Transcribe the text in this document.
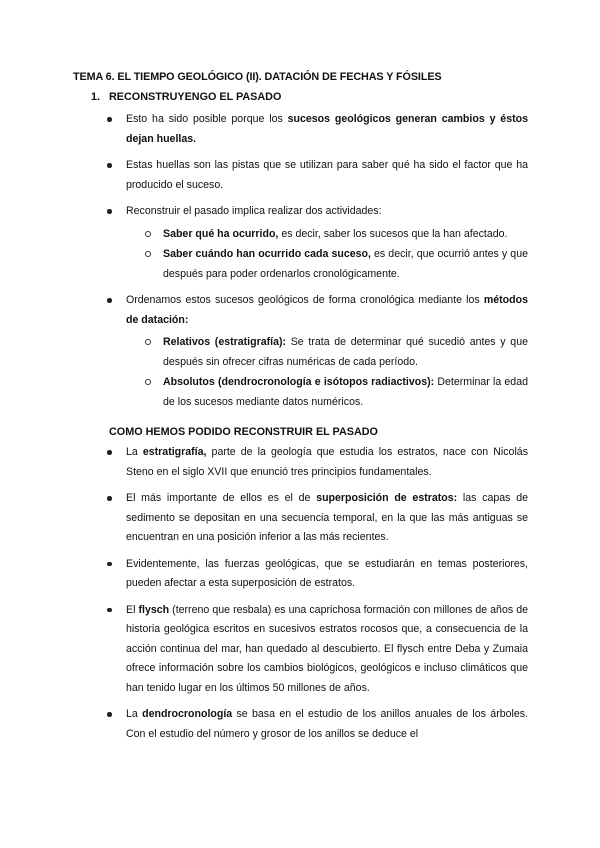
TEMA 6. EL TIEMPO GEOLÓGICO (II). DATACIÓN DE FECHAS Y FÓSILES
1. RECONSTRUYENGO EL PASADO
Esto ha sido posible porque los sucesos geológicos generan cambios y éstos dejan huellas.
Estas huellas son las pistas que se utilizan para saber qué ha sido el factor que ha producido el suceso.
Reconstruir el pasado implica realizar dos actividades:
Saber qué ha ocurrido, es decir, saber los sucesos que la han afectado.
Saber cuándo han ocurrido cada suceso, es decir, que ocurrió antes y que después para poder ordenarlos cronológicamente.
Ordenamos estos sucesos geológicos de forma cronológica mediante los métodos de datación:
Relativos (estratigrafía): Se trata de determinar qué sucedió antes y que después sin ofrecer cifras numéricas de cada período.
Absolutos (dendrocronología e isótopos radiactivos): Determinar la edad de los sucesos mediante datos numéricos.
COMO HEMOS PODIDO RECONSTRUIR EL PASADO
La estratigrafía, parte de la geología que estudia los estratos, nace con Nicolás Steno en el siglo XVII que enunció tres principios fundamentales.
El más importante de ellos es el de superposición de estratos: las capas de sedimento se depositan en una secuencia temporal, en la que las más antiguas se encuentran en una posición inferior a las más recientes.
Evidentemente, las fuerzas geológicas, que se estudiarán en temas posteriores, pueden afectar a esta superposición de estratos.
El flysch (terreno que resbala) es una caprichosa formación con millones de años de historia geológica escritos en sucesivos estratos rocosos que, a consecuencia de la acción continua del mar, han quedado al descubierto. El flysch entre Deba y Zumaia ofrece información sobre los cambios biológicos, geológicos e incluso climáticos que han tenido lugar en los últimos 50 millones de años.
La dendrocronología se basa en el estudio de los anillos anuales de los árboles. Con el estudio del número y grosor de los anillos se deduce el
